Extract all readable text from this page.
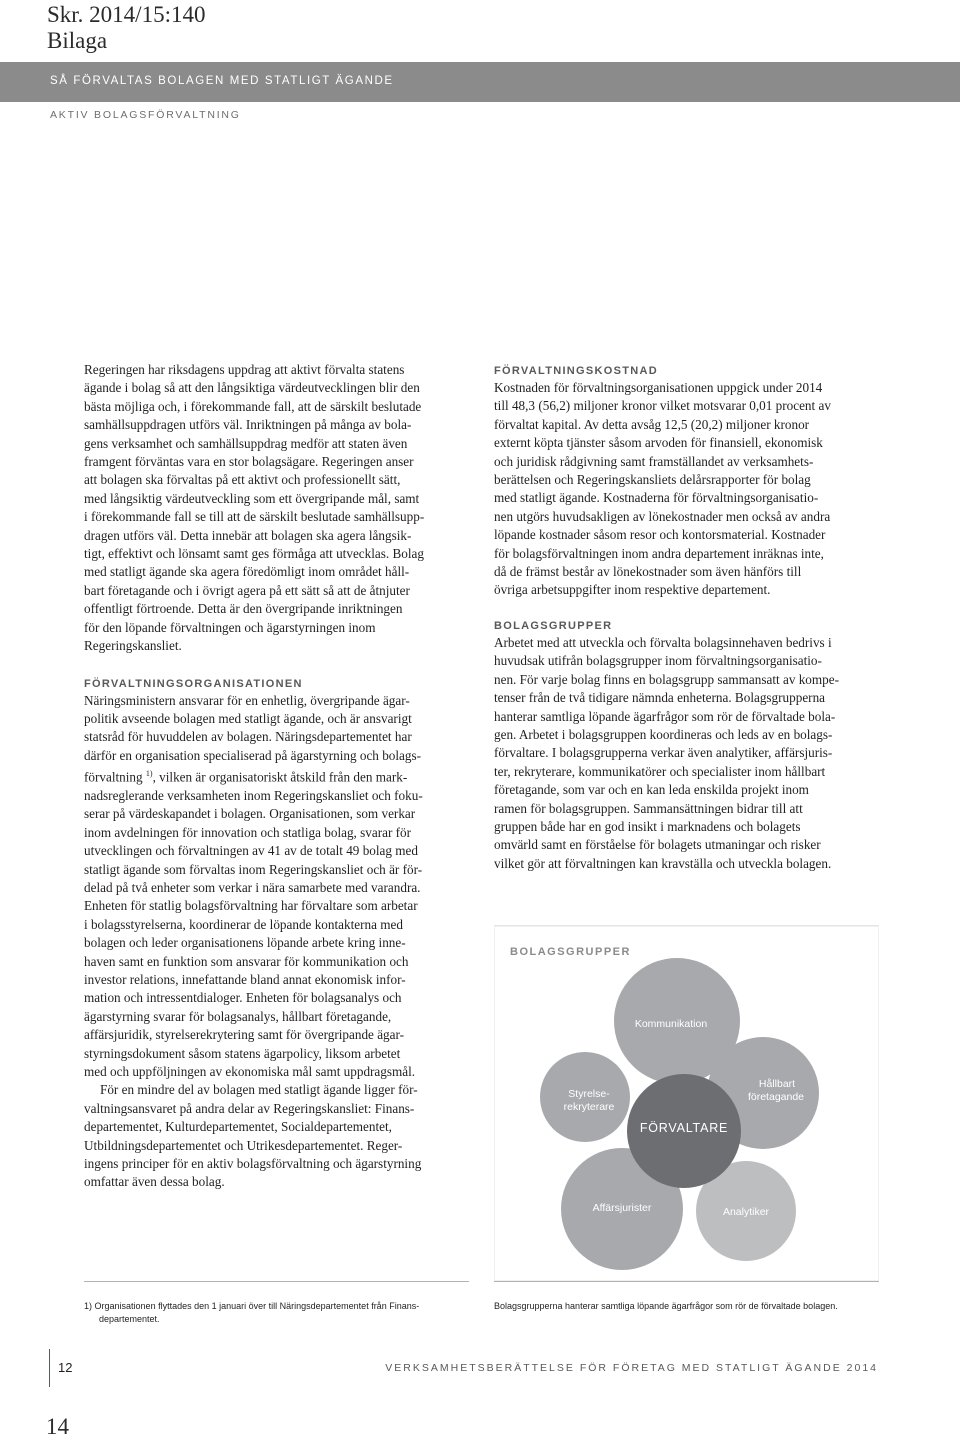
Skr. 2014/15:140
Bilaga
SÅ FÖRVALTAS BOLAGEN MED STATLIGT ÄGANDE
AKTIV BOLAGSFÖRVALTNING
Regeringen har riksdagens uppdrag att aktivt förvalta statens
ägande i bolag så att den långsiktiga värdeutvecklingen blir den
bästa möjliga och, i förekommande fall, att de särskilt beslutade
samhällsuppdragen utförs väl. Inriktningen på många av bola-
gens verksamhet och samhällsuppdrag medför att staten även
framgent förväntas vara en stor bolagsägare. Regeringen anser
att bolagen ska förvaltas på ett aktivt och professionellt sätt,
med långsiktig värdeutveckling som ett övergripande mål, samt
i förekommande fall se till att de särskilt beslutade samhällsupp-
dragen utförs väl. Detta innebär att bolagen ska agera långsik-
tigt, effektivt och lönsamt samt ges förmåga att utvecklas. Bolag
med statligt ägande ska agera föredömligt inom området håll-
bart företagande och i övrigt agera på ett sätt så att de åtnjuter
offentligt förtroende. Detta är den övergripande inriktningen
för den löpande förvaltningen och ägarstyrningen inom
Regeringskansliet.
FÖRVALTNINGSORGANISATIONEN
Näringsministern ansvarar för en enhetlig, övergripande ägar-
politik avseende bolagen med statligt ägande, och är ansvarigt
statsråd för huvuddelen av bolagen. Näringsdepartementet har
därför en organisation specialiserad på ägarstyrning och bolags-
förvaltning $^{1)}$, vilken är organisatoriskt åtskild från den mark-
nadsreglerande verksamheten inom Regeringskansliet och foku-
serar på värdeskapandet i bolagen. Organisationen, som verkar
inom avdelningen för innovation och statliga bolag, svarar för
utvecklingen och förvaltningen av 41 av de totalt 49 bolag med
statligt ägande som förvaltas inom Regeringskansliet och är för-
delad på två enheter som verkar i nära samarbete med varandra.
Enheten för statlig bolagsförvaltning har förvaltare som arbetar
i bolagsstyrelserna, koordinerar de löpande kontakterna med
bolagen och leder organisationens löpande arbete kring inne-
haven samt en funktion som ansvarar för kommunikation och
investor relations, innefattande bland annat ekonomisk infor-
mation och intressentdialoger. Enheten för bolagsanalys och
ägarstyrning svarar för bolagsanalys, hållbart företagande,
affärsjuridik, styrelserekrytering samt för övergripande ägar-
styrningsdokument såsom statens ägarpolicy, liksom arbetet
med och uppföljningen av ekonomiska mål samt uppdragsmål.
För en mindre del av bolagen med statligt ägande ligger för-
valtningsansvaret på andra delar av Regeringskansliet: Finans-
departementet, Kulturdepartementet, Socialdepartementet,
Utbildningsdepartementet och Utrikesdepartementet. Reger-
ingens principer för en aktiv bolagsförvaltning och ägarstyrning
omfattar även dessa bolag.
FÖRVALTNINGSKOSTNAD
Kostnaden för förvaltningsorganisationen uppgick under 2014
till 48,3 (56,2) miljoner kronor vilket motsvarar 0,01 procent av
förvaltat kapital. Av detta avsåg 12,5 (20,2) miljoner kronor
externt köpta tjänster såsom arvoden för finansiell, ekonomisk
och juridisk rådgivning samt framställandet av verksamhets-
berättelsen och Regeringskansliets delårsrapporter för bolag
med statligt ägande. Kostnaderna för förvaltningsorganisatio-
nen utgörs huvudsakligen av lönekostnader men också av andra
löpande kostnader såsom resor och kontorsmaterial. Kostnader
för bolagsförvaltningen inom andra departement inräknas inte,
då de främst består av lönekostnader som även hänförs till
övriga arbetsuppgifter inom respektive departement.
BOLAGSGRUPPER
Arbetet med att utveckla och förvalta bolagsinnehaven bedrivs i
huvudsak utifrån bolagsgrupper inom förvaltningsorganisatio-
nen. För varje bolag finns en bolagsgrupp sammansatt av kompe-
tenser från de två tidigare nämnda enheterna. Bolagsgrupperna
hanterar samtliga löpande ägarfrågor som rör de förvaltade bola-
gen. Arbetet i bolagsgruppen koordineras och leds av en bolags-
förvaltare. I bolagsgrupperna verkar även analytiker, affärsjuris-
ter, rekryterare, kommunikatörer och specialister inom hållbart
företagande, som var och en kan leda enskilda projekt inom
ramen för bolagsgruppen. Sammansättningen bidrar till att
gruppen både har en god insikt i marknadens och bolagets
omvärld samt en förståelse för bolagets utmaningar och risker
vilket gör att förvaltningen kan kravställa och utveckla bolagen.
BOLAGSGRUPPER
Kommunikation
Styrelse-
rekryterare
Hållbart
företagande
FÖRVALTARE
Affärsjurister	Analytiker
1) Organisationen flyttades den 1 januari över till Näringsdepartementet från Finans-
departementet.
Bolagsgrupperna hanterar samtliga löpande ägarfrågor som rör de förvaltade bolagen.
12	VERKSAMHETSBERÄTTELSE FÖR FÖRETAG MED STATLIGT ÄGANDE 2014
14
